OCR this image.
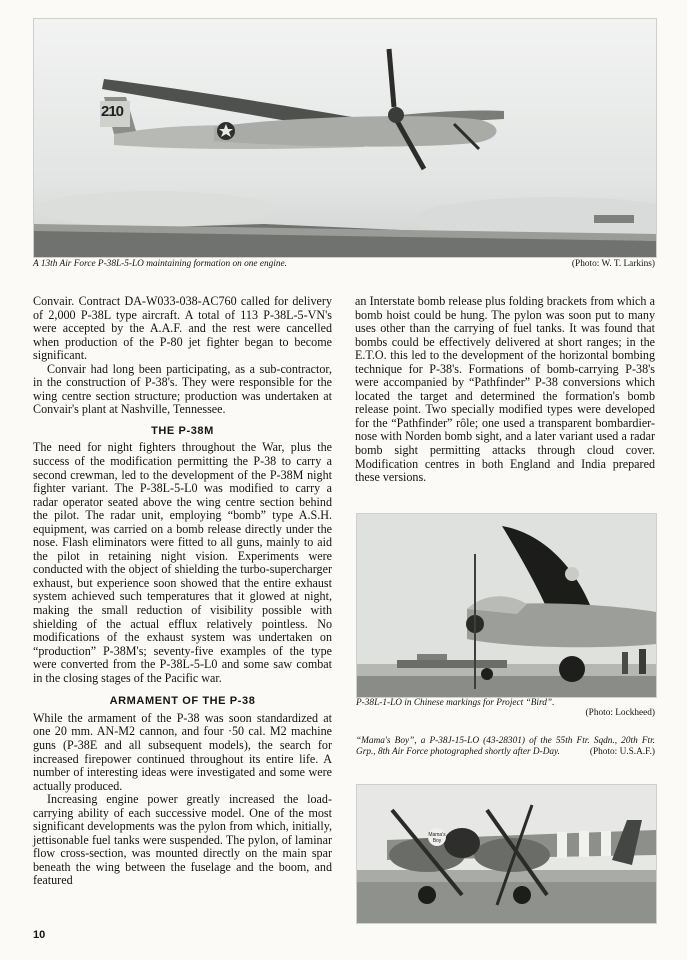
210
A 13th Air Force P-38L-5-LO maintaining formation on one engine.	(Photo: W. T. Larkins)

Convair. Contract DA-W033-038-AC760 called for delivery of 2,000 P-38L type aircraft. A total of 113 P-38L-5-VN's were accepted by the A.A.F. and the rest were cancelled when production of the P-80 jet fighter began to become significant.

Convair had long been participating, as a sub-contractor, in the construction of P-38's. They were responsible for the wing centre section structure; production was undertaken at Convair's plant at Nashville, Tennessee.

THE P-38M

The need for night fighters throughout the War, plus the success of the modification permitting the P-38 to carry a second crewman, led to the development of the P-38M night fighter variant. The P-38L-5-L0 was modified to carry a radar operator seated above the wing centre section behind the pilot. The radar unit, employing “bomb” type A.S.H. equipment, was carried on a bomb release directly under the nose. Flash eliminators were fitted to all guns, mainly to aid the pilot in retaining night vision. Experiments were conducted with the object of shielding the turbo-supercharger exhaust, but experience soon showed that the entire exhaust system achieved such temperatures that it glowed at night, making the small reduction of visibility possible with shielding of the actual efflux relatively pointless. No modifications of the exhaust system was undertaken on “production” P-38M's; seventy-five examples of the type were converted from the P-38L-5-L0 and some saw combat in the closing stages of the Pacific war.

ARMAMENT OF THE P-38

While the armament of the P-38 was soon standardized at one 20 mm. AN-M2 cannon, and four ·50 cal. M2 machine guns (P-38E and all subsequent models), the search for increased firepower continued throughout its entire life. A number of interesting ideas were investigated and some were actually produced.

Increasing engine power greatly increased the load-carrying ability of each successive model. One of the most significant developments was the pylon from which, initially, jettisonable fuel tanks were suspended. The pylon, of laminar flow cross-section, was mounted directly on the main spar beneath the wing between the fuselage and the boom, and featured

an Interstate bomb release plus folding brackets from which a bomb hoist could be hung. The pylon was soon put to many uses other than the carrying of fuel tanks. It was found that bombs could be effectively delivered at short ranges; in the E.T.O. this led to the development of the horizontal bombing technique for P-38's. Formations of bomb-carrying P-38's were accompanied by “Pathfinder” P-38 conversions which located the target and determined the formation's bomb release point. Two specially modified types were developed for the “Pathfinder” rôle; one used a transparent bombardier-nose with Norden bomb sight, and a later variant used a radar bomb sight permitting attacks through cloud cover. Modification centres in both England and India prepared these versions.

P-38L-1-LO in Chinese markings for Project “Bird”.
(Photo: Lockheed)
“Mama's Boy”, a P-38J-15-LO (43-28301) of the 55th Ftr. Sqdn., 20th Ftr. Grp., 8th Air Force photographed shortly after D-Day.	(Photo: U.S.A.F.)
Mama's Boy
10
